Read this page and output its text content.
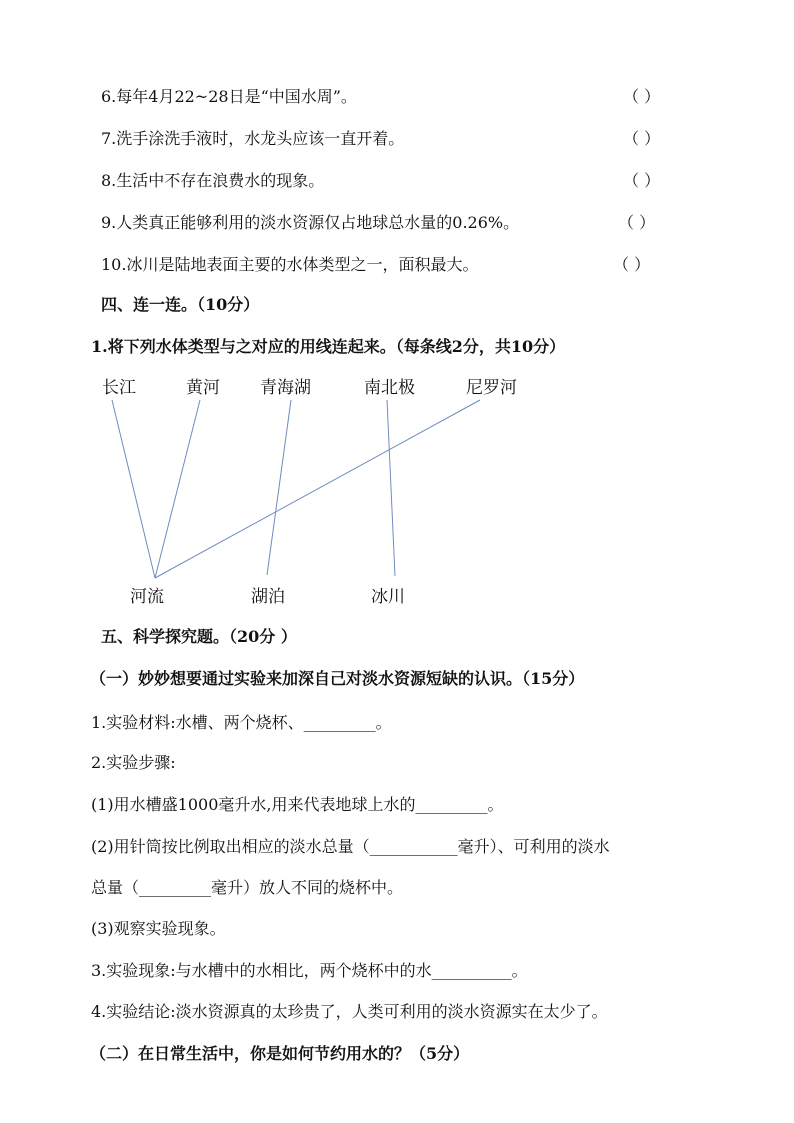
6.每年4月22~28日是“中国水周”。	（ ）
7.洗手涂洗手液时，水龙头应该一直开着。	（ ）
8.生活中不存在浪费水的现象。	（ ）
9.人类真正能够利用的淡水资源仅占地球总水量的0.26%。	（ ）
10.冰川是陆地表面主要的水体类型之一，面积最大。	（ ）
四、连一连。（10分）
1.将下列水体类型与之对应的用线连起来。（每条线2分，共10分）
长江	黄河 青海湖	南北极	尼罗河
河流	湖泊	冰川
五、科学探究题。（20分 ）
（一）妙妙想要通过实验来加深自己对淡水资源短缺的认识。（15分）
1.实验材料:水槽、两个烧杯、_________。
2.实验步骤:
(1)用水槽盛1000毫升水,用来代表地球上水的_________。
(2)用针筒按比例取出相应的淡水总量（___________毫升）、可利用的淡水
总量（_________毫升）放人不同的烧杯中。
(3)观察实验现象。
3.实验现象:与水槽中的水相比，两个烧杯中的水__________。
4.实验结论:淡水资源真的太珍贵了，人类可利用的淡水资源实在太少了。
（二）在日常生活中，你是如何节约用水的？（5分）
